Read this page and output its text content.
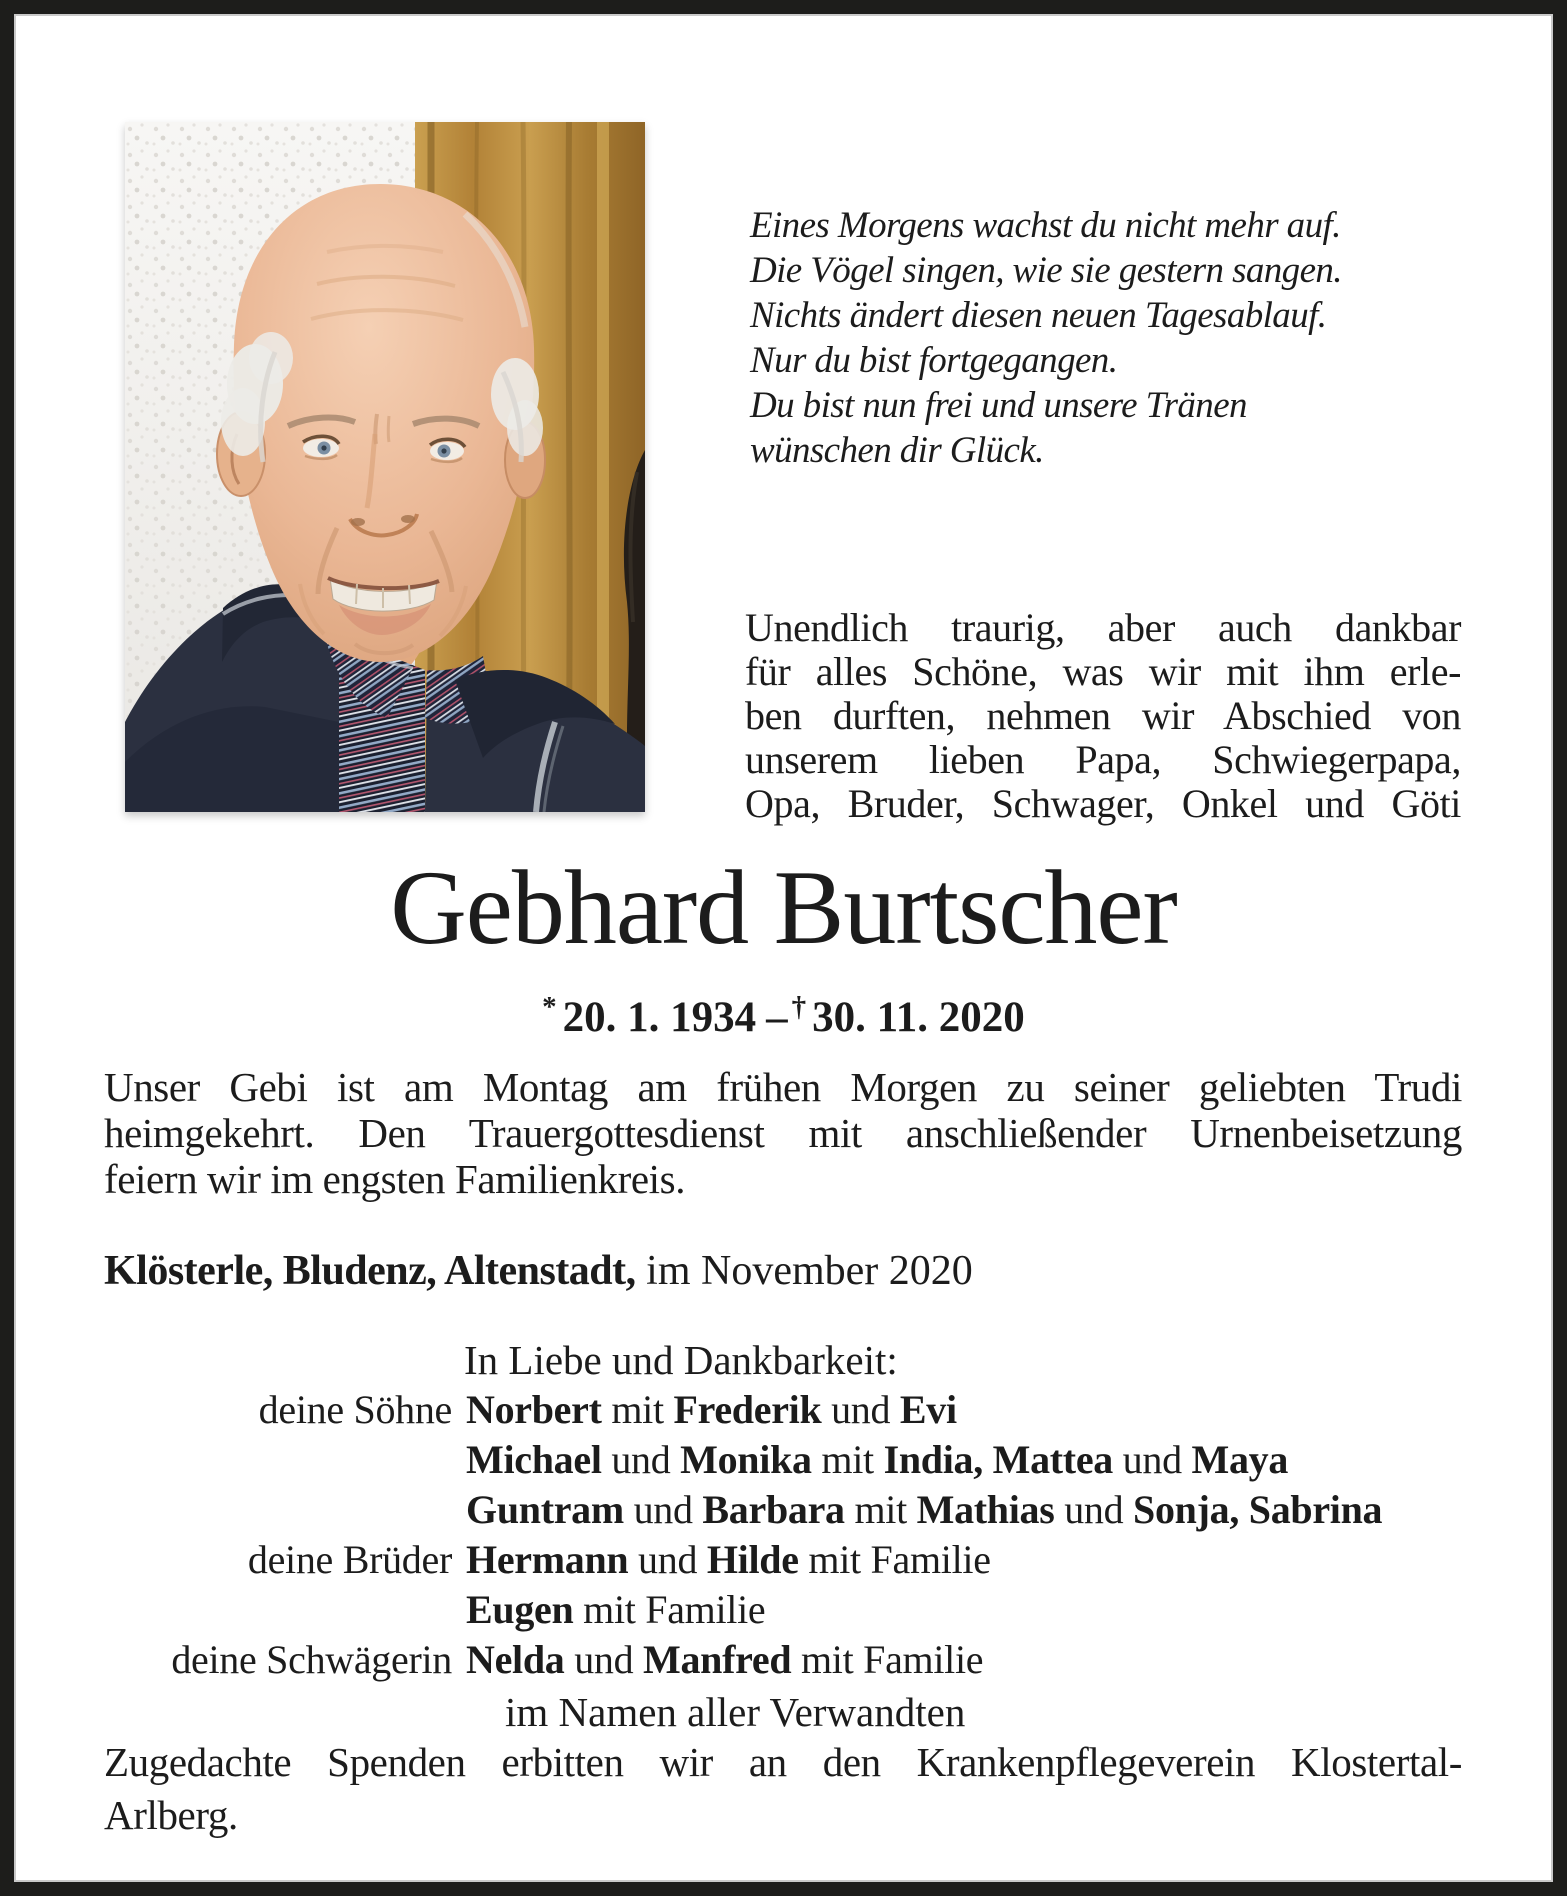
Eines Morgens wachst du nicht mehr auf.
Die Vögel singen, wie sie gestern sangen.
Nichts ändert diesen neuen Tagesablauf.
Nur du bist fortgegangen.
Du bist nun frei und unsere Tränen
wünschen dir Glück.
Unendlich traurig, aber auch dankbar
für alles Schöne, was wir mit ihm erle-
ben durften, nehmen wir Abschied von
unserem lieben Papa, Schwiegerpapa,
Opa, Bruder, Schwager, Onkel und Göti
Gebhard Burtscher
* 20. 1. 1934 – † 30. 11. 2020
Unser Gebi ist am Montag am frühen Morgen zu seiner geliebten Trudi
heimgekehrt. Den Trauergottesdienst mit anschließender Urnenbeisetzung
feiern wir im engsten Familienkreis.
Klösterle, Bludenz, Altenstadt, im November 2020
In Liebe und Dankbarkeit:
deine Söhne Norbert mit Frederik und Evi
Michael und Monika mit India, Mattea und Maya
Guntram und Barbara mit Mathias und Sonja, Sabrina
deine Brüder Hermann und Hilde mit Familie
Eugen mit Familie
deine Schwägerin Nelda und Manfred mit Familie
im Namen aller Verwandten
Zugedachte Spenden erbitten wir an den Krankenpflegeverein Klostertal-
Arlberg.
